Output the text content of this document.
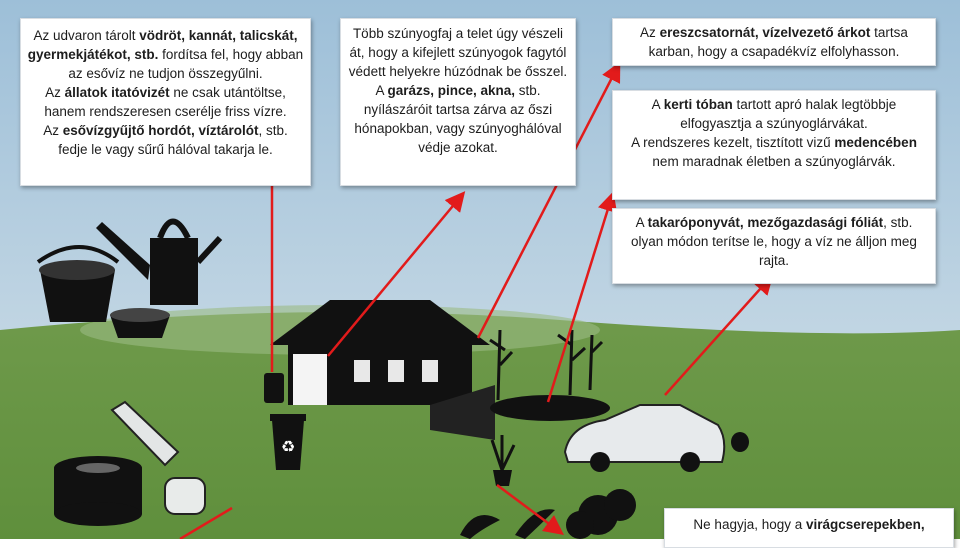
♻

Az udvaron tárolt vödröt, kannát, talicskát, gyermekjátékot, stb. fordítsa fel, hogy abban az esővíz ne tudjon összegyűlni.

Az állatok itatóvizét ne csak utántöltse, hanem rendszeresen cserélje friss vízre.

Az esővízgyűjtő hordót, víztárolót, stb. fedje le vagy sűrű hálóval takarja le.

Több szúnyogfaj a telet úgy vészeli át, hogy a kifejlett szúnyogok fagytól védett helyekre húzódnak be ősszel. A garázs, pince, akna, stb. nyílászáróit tartsa zárva az őszi hónapokban, vagy szúnyoghálóval védje azokat.

Az ereszcsatornát, vízelvezető árkot tartsa karban, hogy a csapadékvíz elfolyhasson.

A kerti tóban tartott apró halak legtöbbje elfogyasztja a szúnyoglárvákat.

A rendszeres kezelt, tisztított vizű medencében nem maradnak életben a szúnyoglárvák.

A takaróponyvát, mezőgazdasági fóliát, stb. olyan módon terítse le, hogy a víz ne álljon meg rajta.

Ne hagyja, hogy a virágcserepekben,
